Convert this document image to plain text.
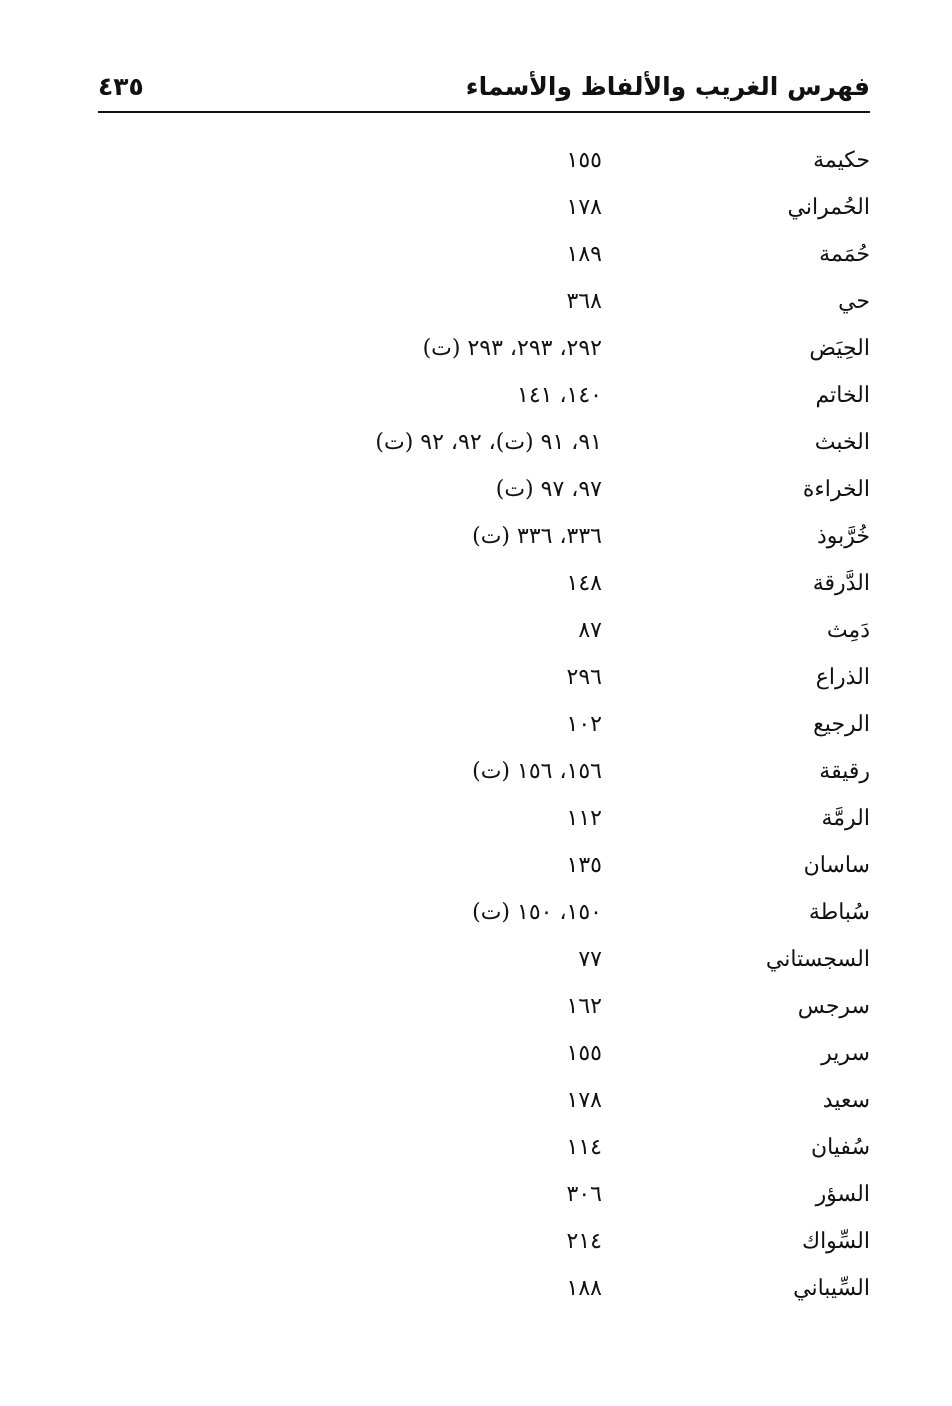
فهرس الغريب والألفاظ والأسماء
٤٣٥
حكيمة
١٥٥
الحُمراني
١٧٨
حُمَمة
١٨٩
حي
٣٦٨
الحِيَض
٢٩٢، ٢٩٣، ٢٩٣ (ت)
الخاتم
١٤٠، ١٤١
الخبث
٩١، ٩١ (ت)، ٩٢، ٩٢ (ت)
الخراءة
٩٧، ٩٧ (ت)
خُرَّبوذ
٣٣٦، ٣٣٦ (ت)
الدَّرقة
١٤٨
دَمِث
٨٧
الذراع
٢٩٦
الرجيع
١٠٢
رقيقة
١٥٦، ١٥٦ (ت)
الرمَّة
١١٢
ساسان
١٣٥
سُباطة
١٥٠، ١٥٠ (ت)
السجستاني
٧٧
سرجس
١٦٢
سرير
١٥٥
سعيد
١٧٨
سُفيان
١١٤
السؤر
٣٠٦
السِّواك
٢١٤
السِّيباني
١٨٨
